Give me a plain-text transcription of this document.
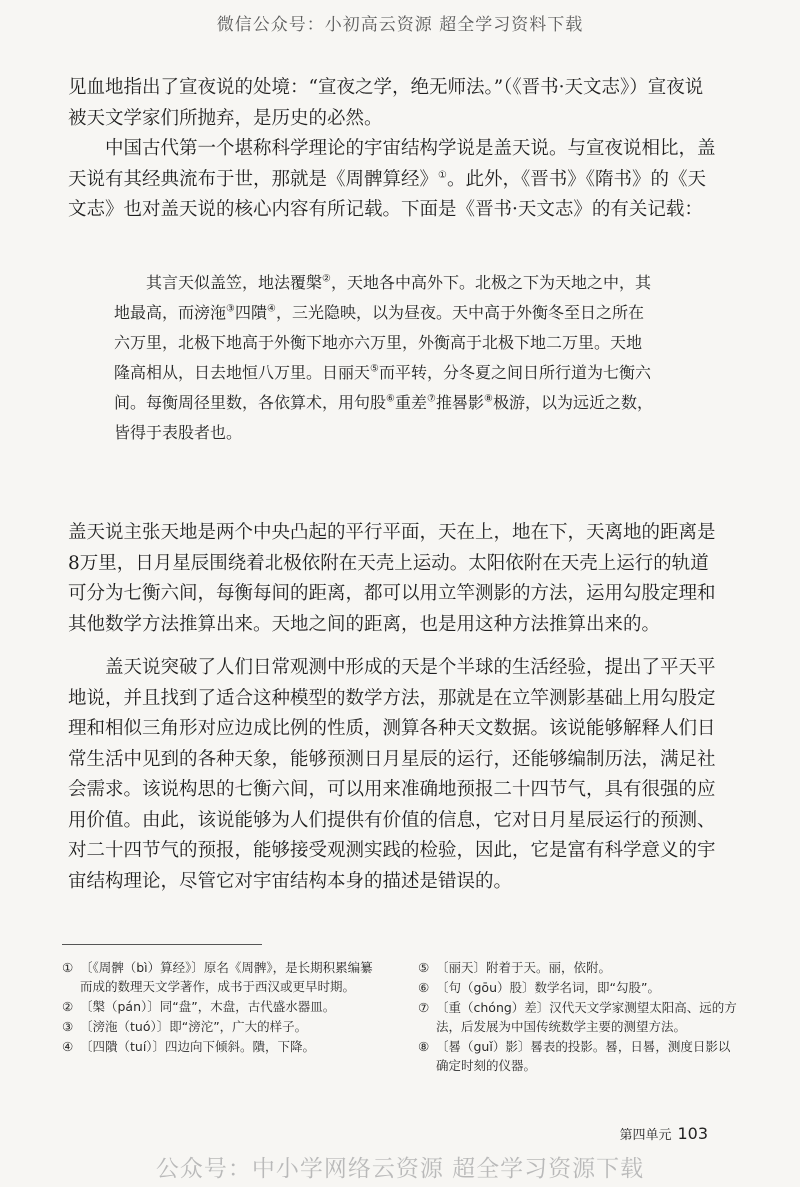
微信公众号：小初高云资源 超全学习资料下载

见血地指出了宣夜说的处境：“宣夜之学，绝无师法。”（《晋书·天文志》）宣夜说被天文学家们所抛弃，是历史的必然。

中国古代第一个堪称科学理论的宇宙结构学说是盖天说。与宣夜说相比，盖天说有其经典流布于世，那就是《周髀算经》①。此外，《晋书》《隋书》的《天文志》也对盖天说的核心内容有所记载。下面是《晋书·天文志》的有关记载：

其言天似盖笠，地法覆槃②，天地各中高外下。北极之下为天地之中，其地最高，而滂沲③四隤④，三光隐映，以为昼夜。天中高于外衡冬至日之所在六万里，北极下地高于外衡下地亦六万里，外衡高于北极下地二万里。天地隆高相从，日去地恒八万里。日丽天⑤而平转，分冬夏之间日所行道为七衡六间。每衡周径里数，各依算术，用句股⑥重差⑦推晷影⑧极游，以为远近之数，皆得于表股者也。

盖天说主张天地是两个中央凸起的平行平面，天在上，地在下，天离地的距离是8万里，日月星辰围绕着北极依附在天壳上运动。太阳依附在天壳上运行的轨道可分为七衡六间，每衡每间的距离，都可以用立竿测影的方法，运用勾股定理和其他数学方法推算出来。天地之间的距离，也是用这种方法推算出来的。

盖天说突破了人们日常观测中形成的天是个半球的生活经验，提出了平天平地说，并且找到了适合这种模型的数学方法，那就是在立竿测影基础上用勾股定理和相似三角形对应边成比例的性质，测算各种天文数据。该说能够解释人们日常生活中见到的各种天象，能够预测日月星辰的运行，还能够编制历法，满足社会需求。该说构思的七衡六间，可以用来准确地预报二十四节气，具有很强的应用价值。由此，该说能够为人们提供有价值的信息，它对日月星辰运行的预测、对二十四节气的预报，能够接受观测实践的检验，因此，它是富有科学意义的宇宙结构理论，尽管它对宇宙结构本身的描述是错误的。

① 〔《周髀（bì）算经》〕原名《周髀》，是长期积累编纂而成的数理天文学著作，成书于西汉或更早时期。
② 〔槃（pán）〕同“盘”，木盘，古代盛水器皿。
③ 〔滂沲（tuó）〕即“滂沱”，广大的样子。
④ 〔四隤（tuí）〕四边向下倾斜。隤，下降。
⑤ 〔丽天〕附着于天。丽，依附。
⑥ 〔句（gōu）股〕数学名词，即“勾股”。
⑦ 〔重（chóng）差〕汉代天文学家测望太阳高、远的方法，后发展为中国传统数学主要的测望方法。
⑧ 〔晷（guǐ）影〕晷表的投影。晷，日晷，测度日影以确定时刻的仪器。
第四单元 103
公众号：中小学网络云资源 超全学习资源下载
